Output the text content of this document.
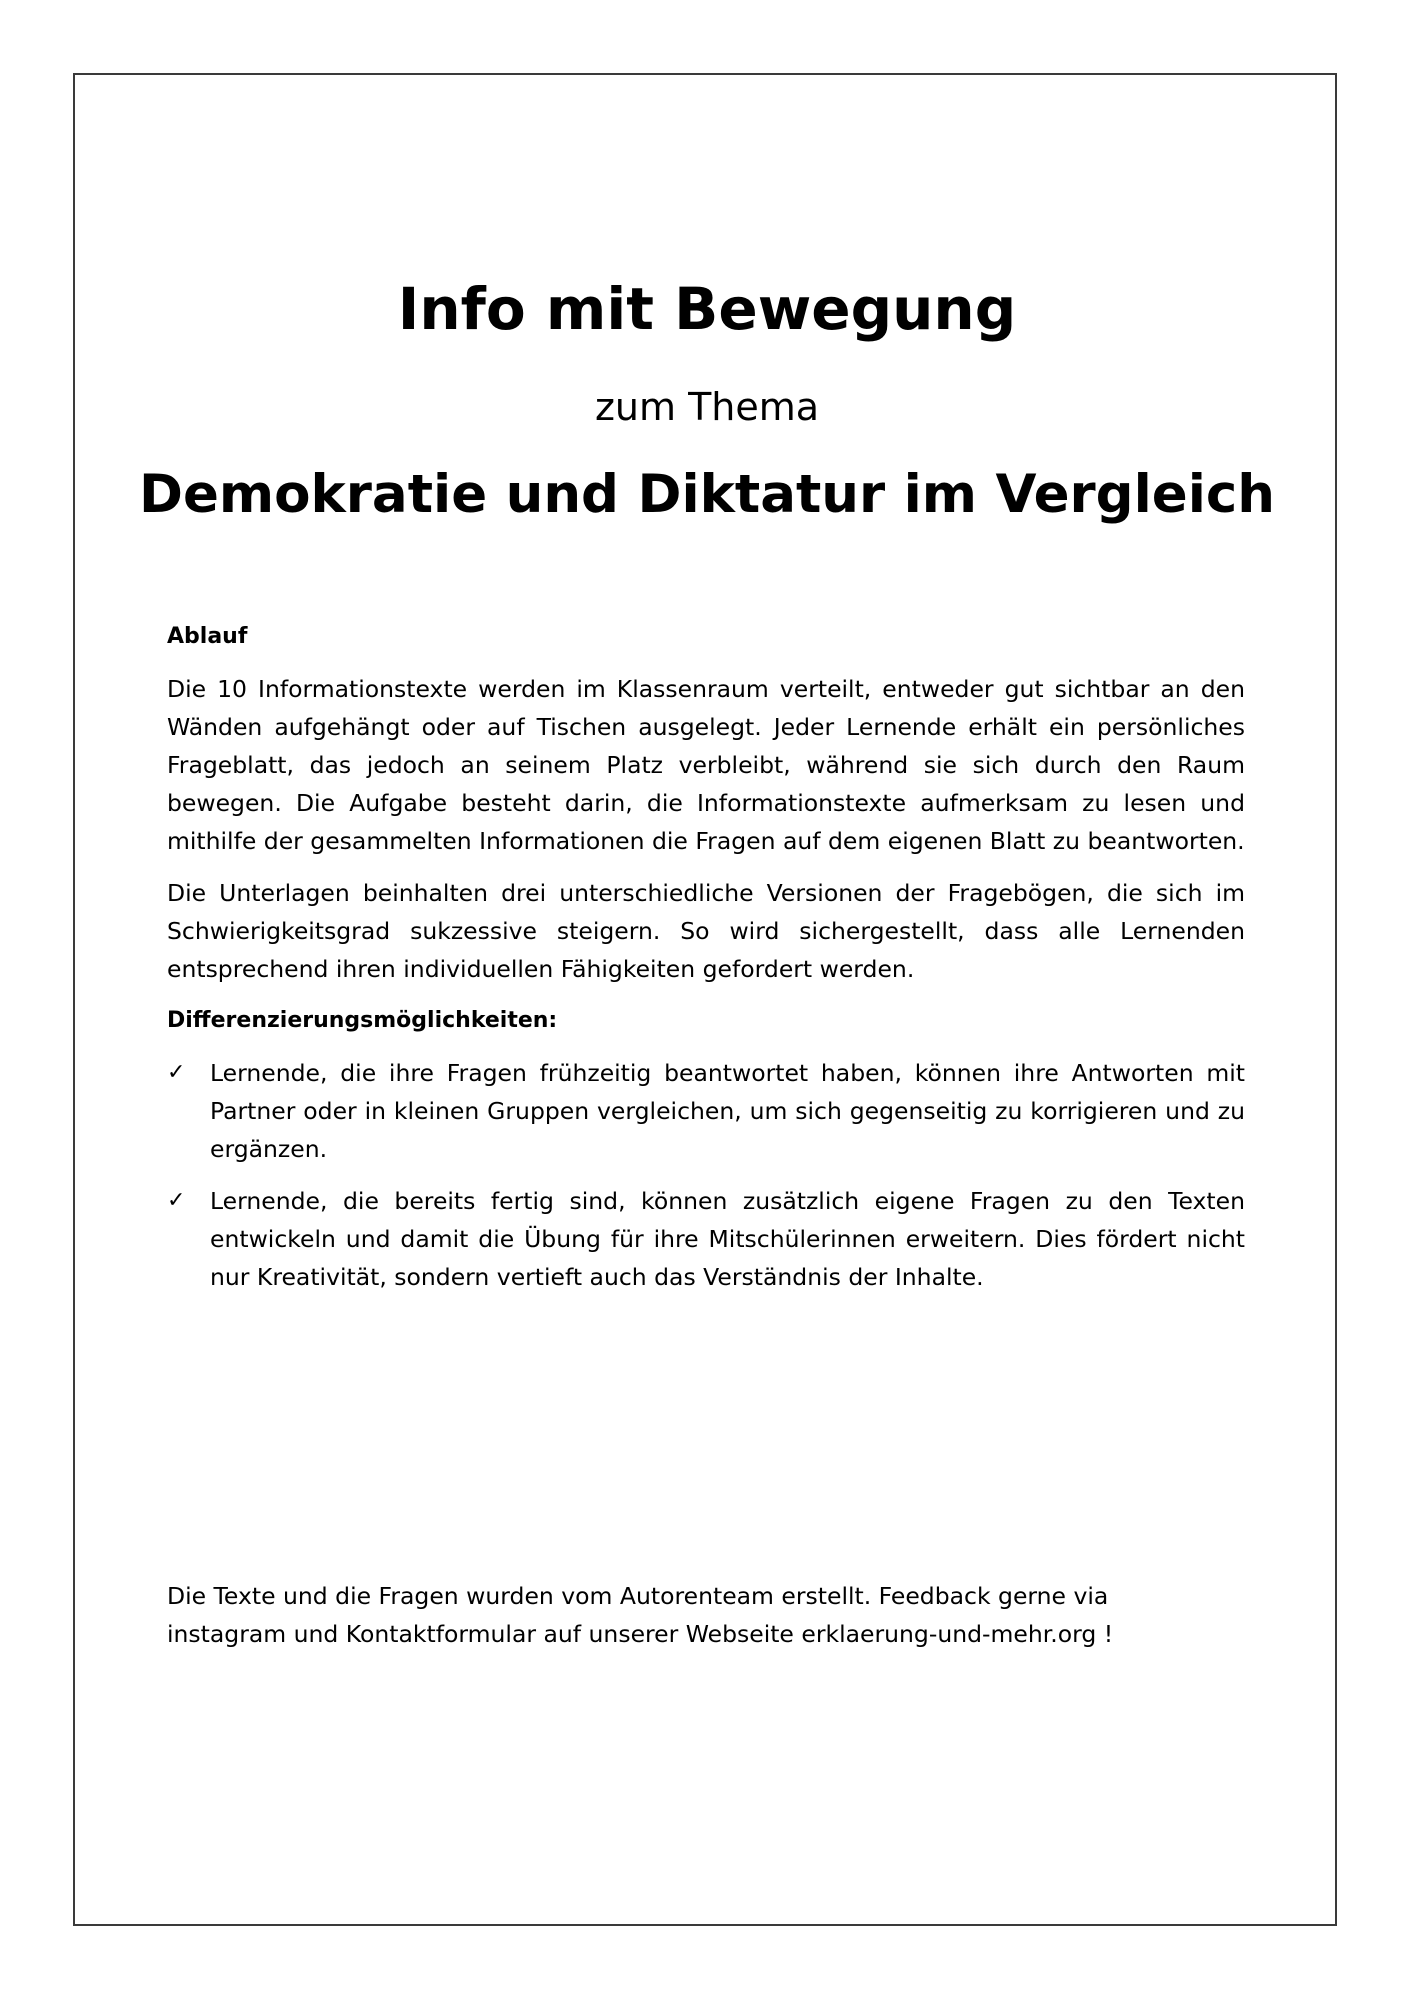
Info mit Bewegung
zum Thema
Demokratie und Diktatur im Vergleich
Ablauf

Die 10 Informationstexte werden im Klassenraum verteilt, entweder gut sichtbar an den Wänden aufgehängt oder auf Tischen ausgelegt. Jeder Lernende erhält ein persönliches Frageblatt, das jedoch an seinem Platz verbleibt, während sie sich durch den Raum bewegen. Die Aufgabe besteht darin, die Informationstexte aufmerksam zu lesen und mithilfe der gesammelten Informationen die Fragen auf dem eigenen Blatt zu beantworten.

Die Unterlagen beinhalten drei unterschiedliche Versionen der Fragebögen, die sich im Schwierigkeitsgrad sukzessive steigern. So wird sichergestellt, dass alle Lernenden entsprechend ihren individuellen Fähigkeiten gefordert werden.

Differenzierungsmöglichkeiten:
✓ Lernende, die ihre Fragen frühzeitig beantwortet haben, können ihre Antworten mit Partner oder in kleinen Gruppen vergleichen, um sich gegenseitig zu korrigieren und zu ergänzen.
✓ Lernende, die bereits fertig sind, können zusätzlich eigene Fragen zu den Texten entwickeln und damit die Übung für ihre Mitschülerinnen erweitern. Dies fördert nicht nur Kreativität, sondern vertieft auch das Verständnis der Inhalte.
Die Texte und die Fragen wurden vom Autorenteam erstellt. Feedback gerne via
instagram und Kontaktformular auf unserer Webseite erklaerung-und-mehr.org !
